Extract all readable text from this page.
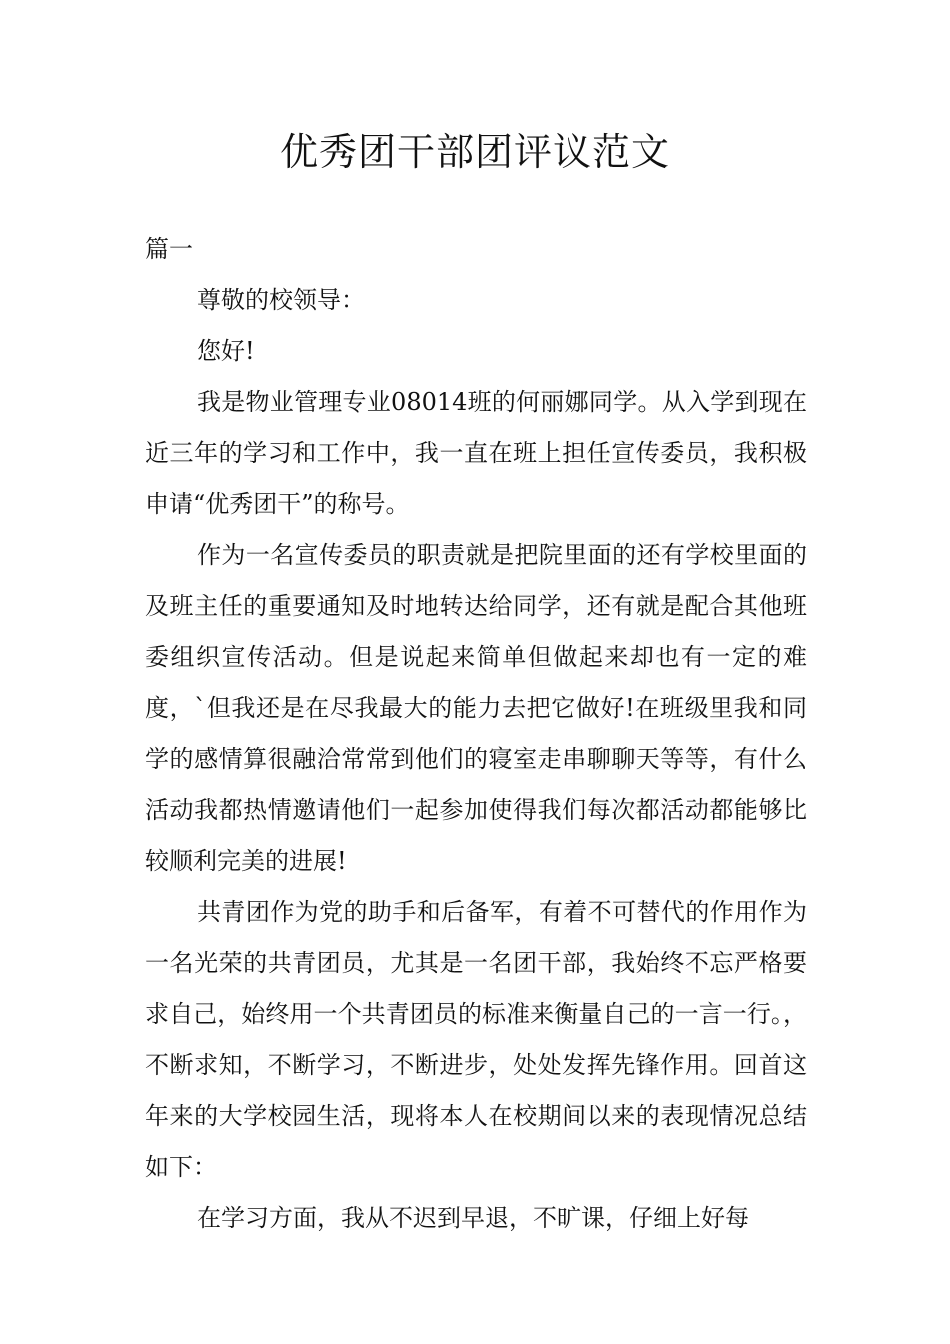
优秀团干部团评议范文

篇一

尊敬的校领导：

您好!

我是物业管理专业08014班的何丽娜同学。从入学到现在近三年的学习和工作中，我一直在班上担任宣传委员，我积极申请“优秀团干”的称号。

作为一名宣传委员的职责就是把院里面的还有学校里面的及班主任的重要通知及时地转达给同学，还有就是配合其他班委组织宣传活动。但是说起来简单但做起来却也有一定的难度，`但我还是在尽我最大的能力去把它做好!在班级里我和同学的感情算很融洽常常到他们的寝室走串聊聊天等等，有什么活动我都热情邀请他们一起参加使得我们每次都活动都能够比较顺利完美的进展!

共青团作为党的助手和后备军，有着不可替代的作用作为一名光荣的共青团员，尤其是一名团干部，我始终不忘严格要求自己，始终用一个共青团员的标准来衡量自己的一言一行。，不断求知，不断学习，不断进步，处处发挥先锋作用。回首这年来的大学校园生活，现将本人在校期间以来的表现情况总结如下：

在学习方面，我从不迟到早退，不旷课，仔细上好每
